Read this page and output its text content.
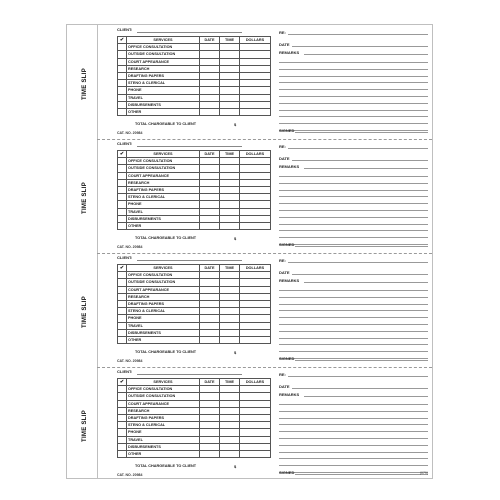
TIME SLIP
CLIENT:
✔	SERVICES	DATE	TIME	DOLLARS
	OFFICE CONSULTATION			
	OUTSIDE CONSULTATION			
	COURT APPEARANCE			
	RESEARCH			
	DRAFTING PAPERS			
	STENO & CLERICAL			
	PHONE			
	TRAVEL			
	DISBURSEMENTS			
	OTHER			
TOTAL CHARGEABLE TO CLIENT	$
CAT. NO. 20984
RE:
DATE
REMARKS
SIGNED
TIME SLIP
CLIENT:
✔	SERVICES	DATE	TIME	DOLLARS
	OFFICE CONSULTATION			
	OUTSIDE CONSULTATION			
	COURT APPEARANCE			
	RESEARCH			
	DRAFTING PAPERS			
	STENO & CLERICAL			
	PHONE			
	TRAVEL			
	DISBURSEMENTS			
	OTHER			
TOTAL CHARGEABLE TO CLIENT	$
CAT. NO. 20984
RE:
DATE
REMARKS
SIGNED
TIME SLIP
CLIENT:
✔	SERVICES	DATE	TIME	DOLLARS
	OFFICE CONSULTATION			
	OUTSIDE CONSULTATION			
	COURT APPEARANCE			
	RESEARCH			
	DRAFTING PAPERS			
	STENO & CLERICAL			
	PHONE			
	TRAVEL			
	DISBURSEMENTS			
	OTHER			
TOTAL CHARGEABLE TO CLIENT	$
CAT. NO. 20984
RE:
DATE
REMARKS
SIGNED
TIME SLIP
CLIENT:
✔	SERVICES	DATE	TIME	DOLLARS
	OFFICE CONSULTATION			
	OUTSIDE CONSULTATION			
	COURT APPEARANCE			
	RESEARCH			
	DRAFTING PAPERS			
	STENO & CLERICAL			
	PHONE			
	TRAVEL			
	DISBURSEMENTS			
	OTHER			
TOTAL CHARGEABLE TO CLIENT	$
CAT. NO. 20984
RE:
DATE
REMARKS
SIGNED	(079)
